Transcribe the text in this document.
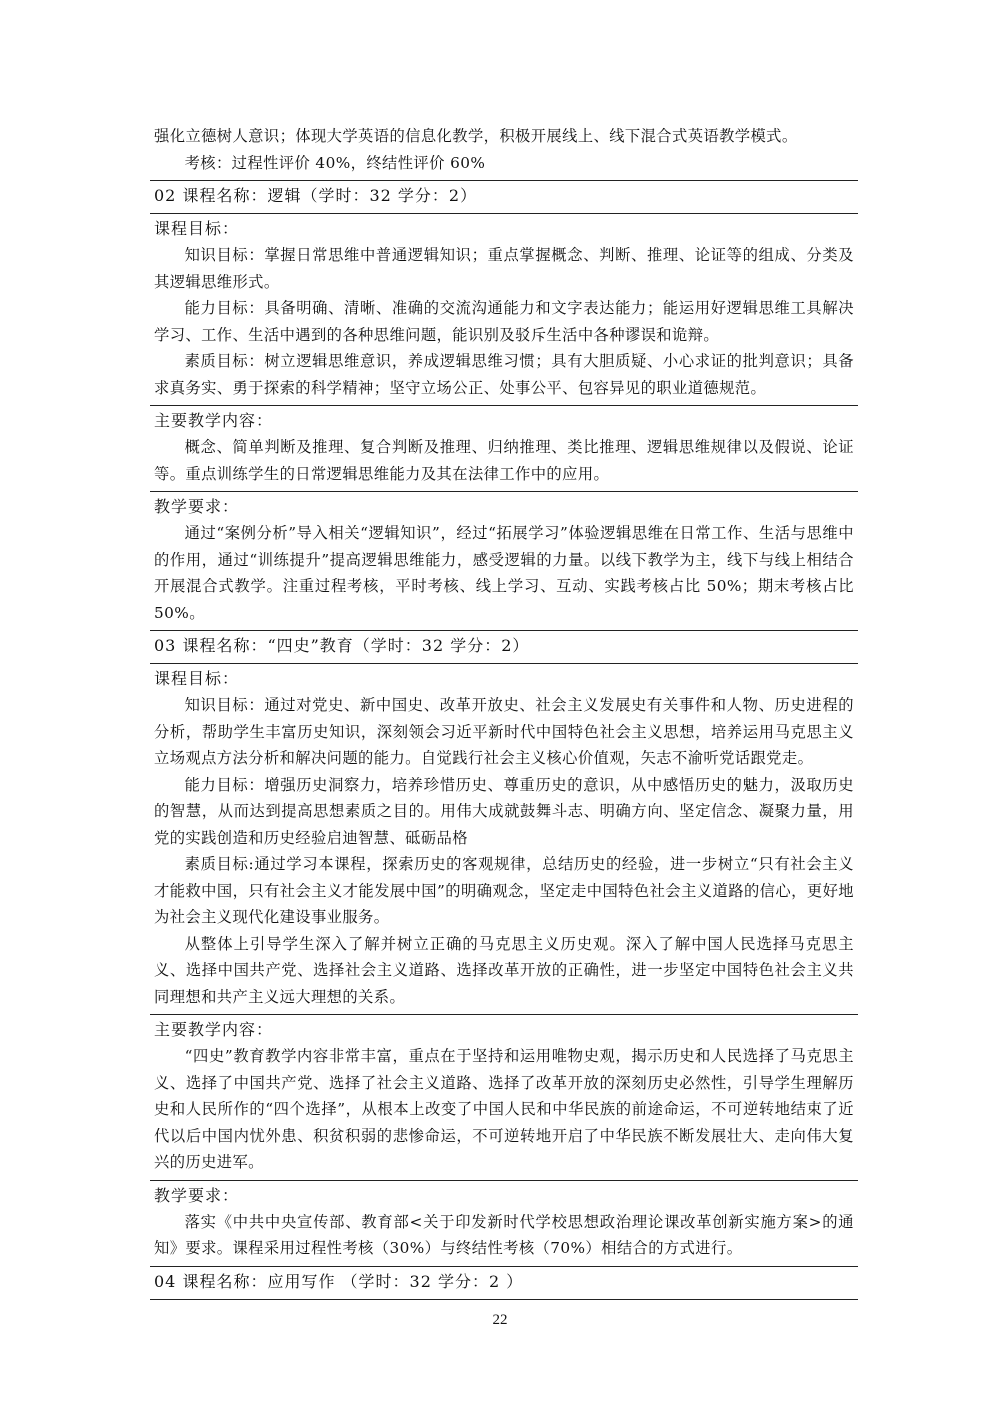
强化立德树人意识；体现大学英语的信息化教学，积极开展线上、线下混合式英语教学模式。

考核：过程性评价 40%，终结性评价 60%

02 课程名称：逻辑（学时：32 学分：2）
课程目标：

知识目标：掌握日常思维中普通逻辑知识；重点掌握概念、判断、推理、论证等的组成、分类及其逻辑思维形式。

能力目标：具备明确、清晰、准确的交流沟通能力和文字表达能力；能运用好逻辑思维工具解决学习、工作、生活中遇到的各种思维问题，能识别及驳斥生活中各种谬误和诡辩。

素质目标：树立逻辑思维意识，养成逻辑思维习惯；具有大胆质疑、小心求证的批判意识；具备求真务实、勇于探索的科学精神；坚守立场公正、处事公平、包容异见的职业道德规范。

主要教学内容：

概念、简单判断及推理、复合判断及推理、归纳推理、类比推理、逻辑思维规律以及假说、论证等。重点训练学生的日常逻辑思维能力及其在法律工作中的应用。

教学要求：

通过“案例分析”导入相关“逻辑知识”，经过“拓展学习”体验逻辑思维在日常工作、生活与思维中的作用，通过“训练提升”提高逻辑思维能力，感受逻辑的力量。以线下教学为主，线下与线上相结合开展混合式教学。注重过程考核，平时考核、线上学习、互动、实践考核占比 50%；期末考核占比 50%。

03 课程名称：“四史”教育（学时：32 学分：2）
课程目标：

知识目标：通过对党史、新中国史、改革开放史、社会主义发展史有关事件和人物、历史进程的分析，帮助学生丰富历史知识，深刻领会习近平新时代中国特色社会主义思想，培养运用马克思主义立场观点方法分析和解决问题的能力。自觉践行社会主义核心价值观，矢志不渝听党话跟党走。

能力目标：增强历史洞察力，培养珍惜历史、尊重历史的意识，从中感悟历史的魅力，汲取历史的智慧，从而达到提高思想素质之目的。用伟大成就鼓舞斗志、明确方向、坚定信念、凝聚力量，用党的实践创造和历史经验启迪智慧、砥砺品格

素质目标:通过学习本课程，探索历史的客观规律，总结历史的经验，进一步树立“只有社会主义才能救中国，只有社会主义才能发展中国”的明确观念，坚定走中国特色社会主义道路的信心，更好地为社会主义现代化建设事业服务。

从整体上引导学生深入了解并树立正确的马克思主义历史观。深入了解中国人民选择马克思主义、选择中国共产党、选择社会主义道路、选择改革开放的正确性，进一步坚定中国特色社会主义共同理想和共产主义远大理想的关系。

主要教学内容：

“四史”教育教学内容非常丰富，重点在于坚持和运用唯物史观，揭示历史和人民选择了马克思主义、选择了中国共产党、选择了社会主义道路、选择了改革开放的深刻历史必然性，引导学生理解历史和人民所作的“四个选择”，从根本上改变了中国人民和中华民族的前途命运，不可逆转地结束了近代以后中国内忧外患、积贫积弱的悲惨命运，不可逆转地开启了中华民族不断发展壮大、走向伟大复兴的历史进军。

教学要求：

落实《中共中央宣传部、教育部<关于印发新时代学校思想政治理论课改革创新实施方案>的通知》要求。课程采用过程性考核（30%）与终结性考核（70%）相结合的方式进行。

04 课程名称：应用写作 （学时：32 学分：2 ）
22
